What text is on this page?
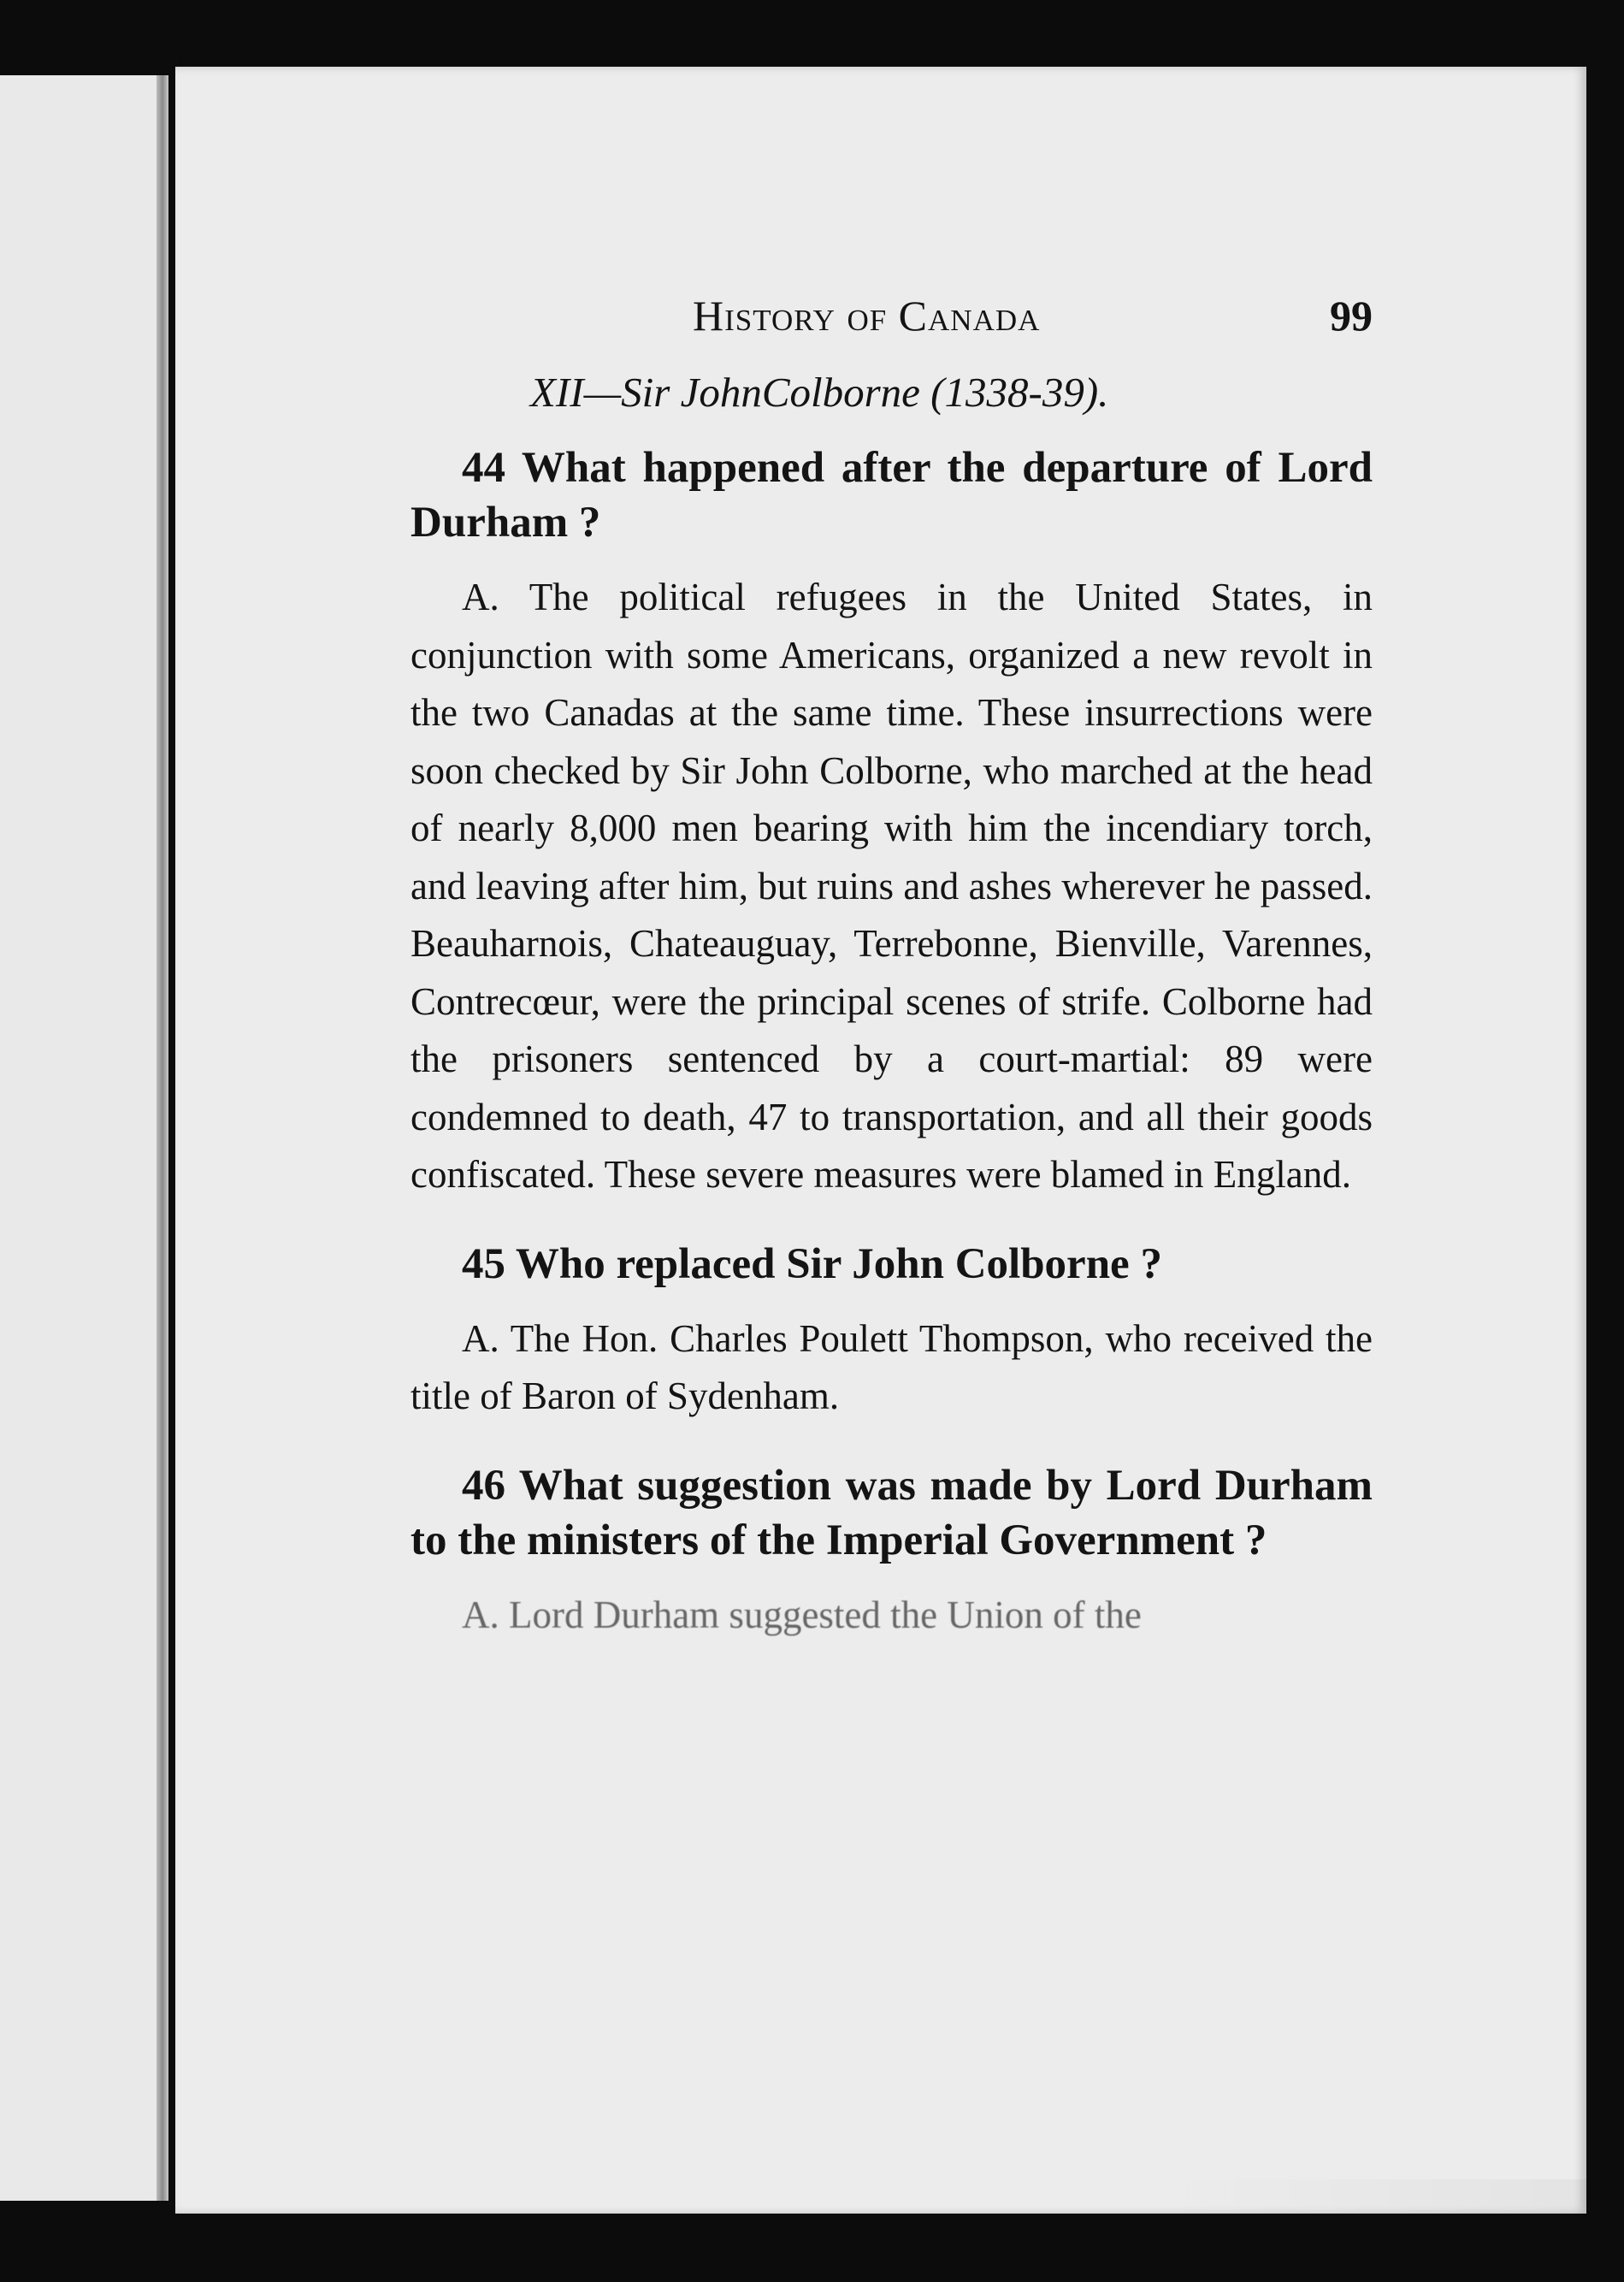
History of Canada	99
XII—Sir JohnColborne (1338-39).
44 What happened after the departure of Lord Durham ?
A. The political refugees in the United States, in conjunction with some Americans, organized a new revolt in the two Canadas at the same time. These insurrections were soon checked by Sir John Colborne, who marched at the head of nearly 8,000 men bearing with him the incendiary torch, and leaving after him, but ruins and ashes wherever he passed. Beauharnois, Chateauguay, Terrebonne, Bienville, Varennes, Contrecœur, were the principal scenes of strife. Colborne had the prisoners sentenced by a court-martial: 89 were condemned to death, 47 to transportation, and all their goods confiscated. These severe measures were blamed in England.
45 Who replaced Sir John Colborne ?
A. The Hon. Charles Poulett Thompson, who received the title of Baron of Sydenham.
46 What suggestion was made by Lord Durham to the ministers of the Imperial Government ?
A. Lord Durham suggested the Union of the
